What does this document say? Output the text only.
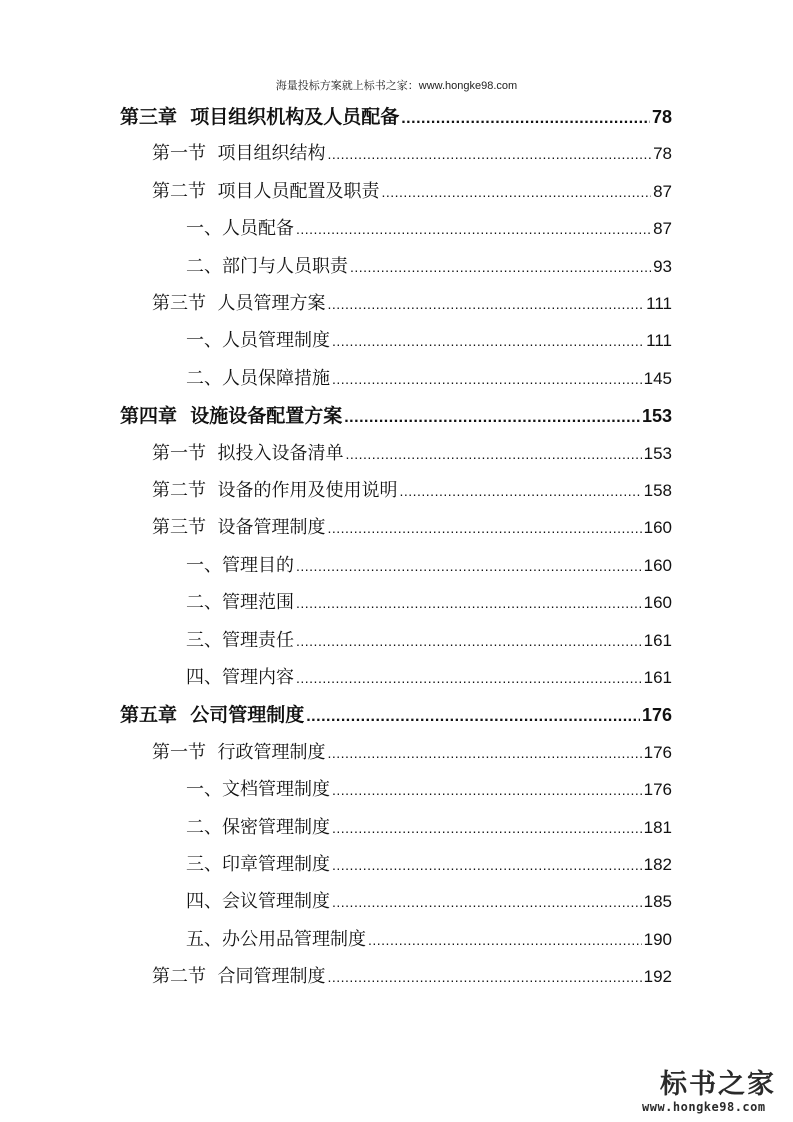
海量投标方案就上标书之家：www.hongke98.com
第三章  项目组织机构及人员配备 .....	78
第一节  项目组织结构 .....	78
第二节  项目人员配置及职责 .....	87
一、人员配备 .....	87
二、部门与人员职责 .....	93
第三节  人员管理方案 .....	111
一、人员管理制度 .....	111
二、人员保障措施 .....	145
第四章  设施设备配置方案 .....	153
第一节  拟投入设备清单 .....	153
第二节  设备的作用及使用说明 .....	158
第三节  设备管理制度 .....	160
一、管理目的 .....	160
二、管理范围 .....	160
三、管理责任 .....	161
四、管理内容 .....	161
第五章  公司管理制度 .....	176
第一节  行政管理制度 .....	176
一、文档管理制度 .....	176
二、保密管理制度 .....	181
三、印章管理制度 .....	182
四、会议管理制度 .....	185
五、办公用品管理制度 .....	190
第二节  合同管理制度 .....	192
标书之家
www.hongke98.com
